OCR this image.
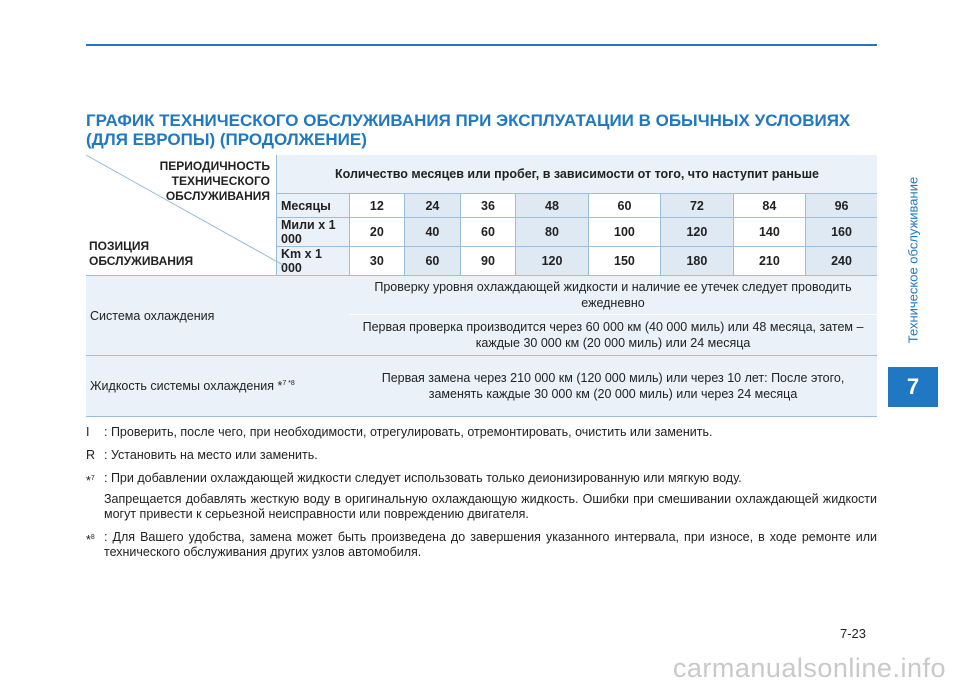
ГРАФИК ТЕХНИЧЕСКОГО ОБСЛУЖИВАНИЯ ПРИ ЭКСПЛУАТАЦИИ В ОБЫЧНЫХ УСЛОВИЯХ (ДЛЯ ЕВРОПЫ) (ПРОДОЛЖЕНИЕ)
Техническое обслуживание
7
ПЕРИОДИЧНОСТЬ ТЕХНИЧЕСКОГО ОБСЛУЖИВАНИЯ
ПОЗИЦИЯ ОБСЛУЖИВАНИЯ	Количество месяцев или пробег, в зависимости от того, что наступит раньше								
	Месяцы	12	24	36	48	60	72	84	96
	Мили x 1 000	20	40	60	80	100	120	140	160
	Km x 1 000	30	60	90	120	150	180	210	240
Система охлаждения		Проверку уровня охлаждающей жидкости и наличие ее утечек следует проводить ежедневно							
		Первая проверка производится через 60 000 км (40 000 миль) или 48 месяца, затем – каждые 30 000 км (20 000 миль) или 24 месяца							
Жидкость системы охлаждения *$^{7 *8}$		Первая замена через 210 000 км (120 000 миль) или через 10 лет: После этого, заменять каждые 30 000 км (20 000 миль) или через 24 месяца							
I	: Проверить, после чего, при необходимости, отрегулировать, отремонтировать, очистить или заменить.
R : Установить на место или заменить.
*$^7$ : При добавлении охлаждающей жидкости следует использовать только деионизированную или мягкую воду.
Запрещается добавлять жесткую воду в оригинальную охлаждающую жидкость. Ошибки при смешивании охлаждающей жидкости могут привести к серьезной неисправности или повреждению двигателя.
*$^8$ : Для Вашего удобства, замена может быть произведена до завершения указанного интервала, при износе, в ходе ремонте или технического обслуживания других узлов автомобиля.
7-23
carmanualsonline.info
